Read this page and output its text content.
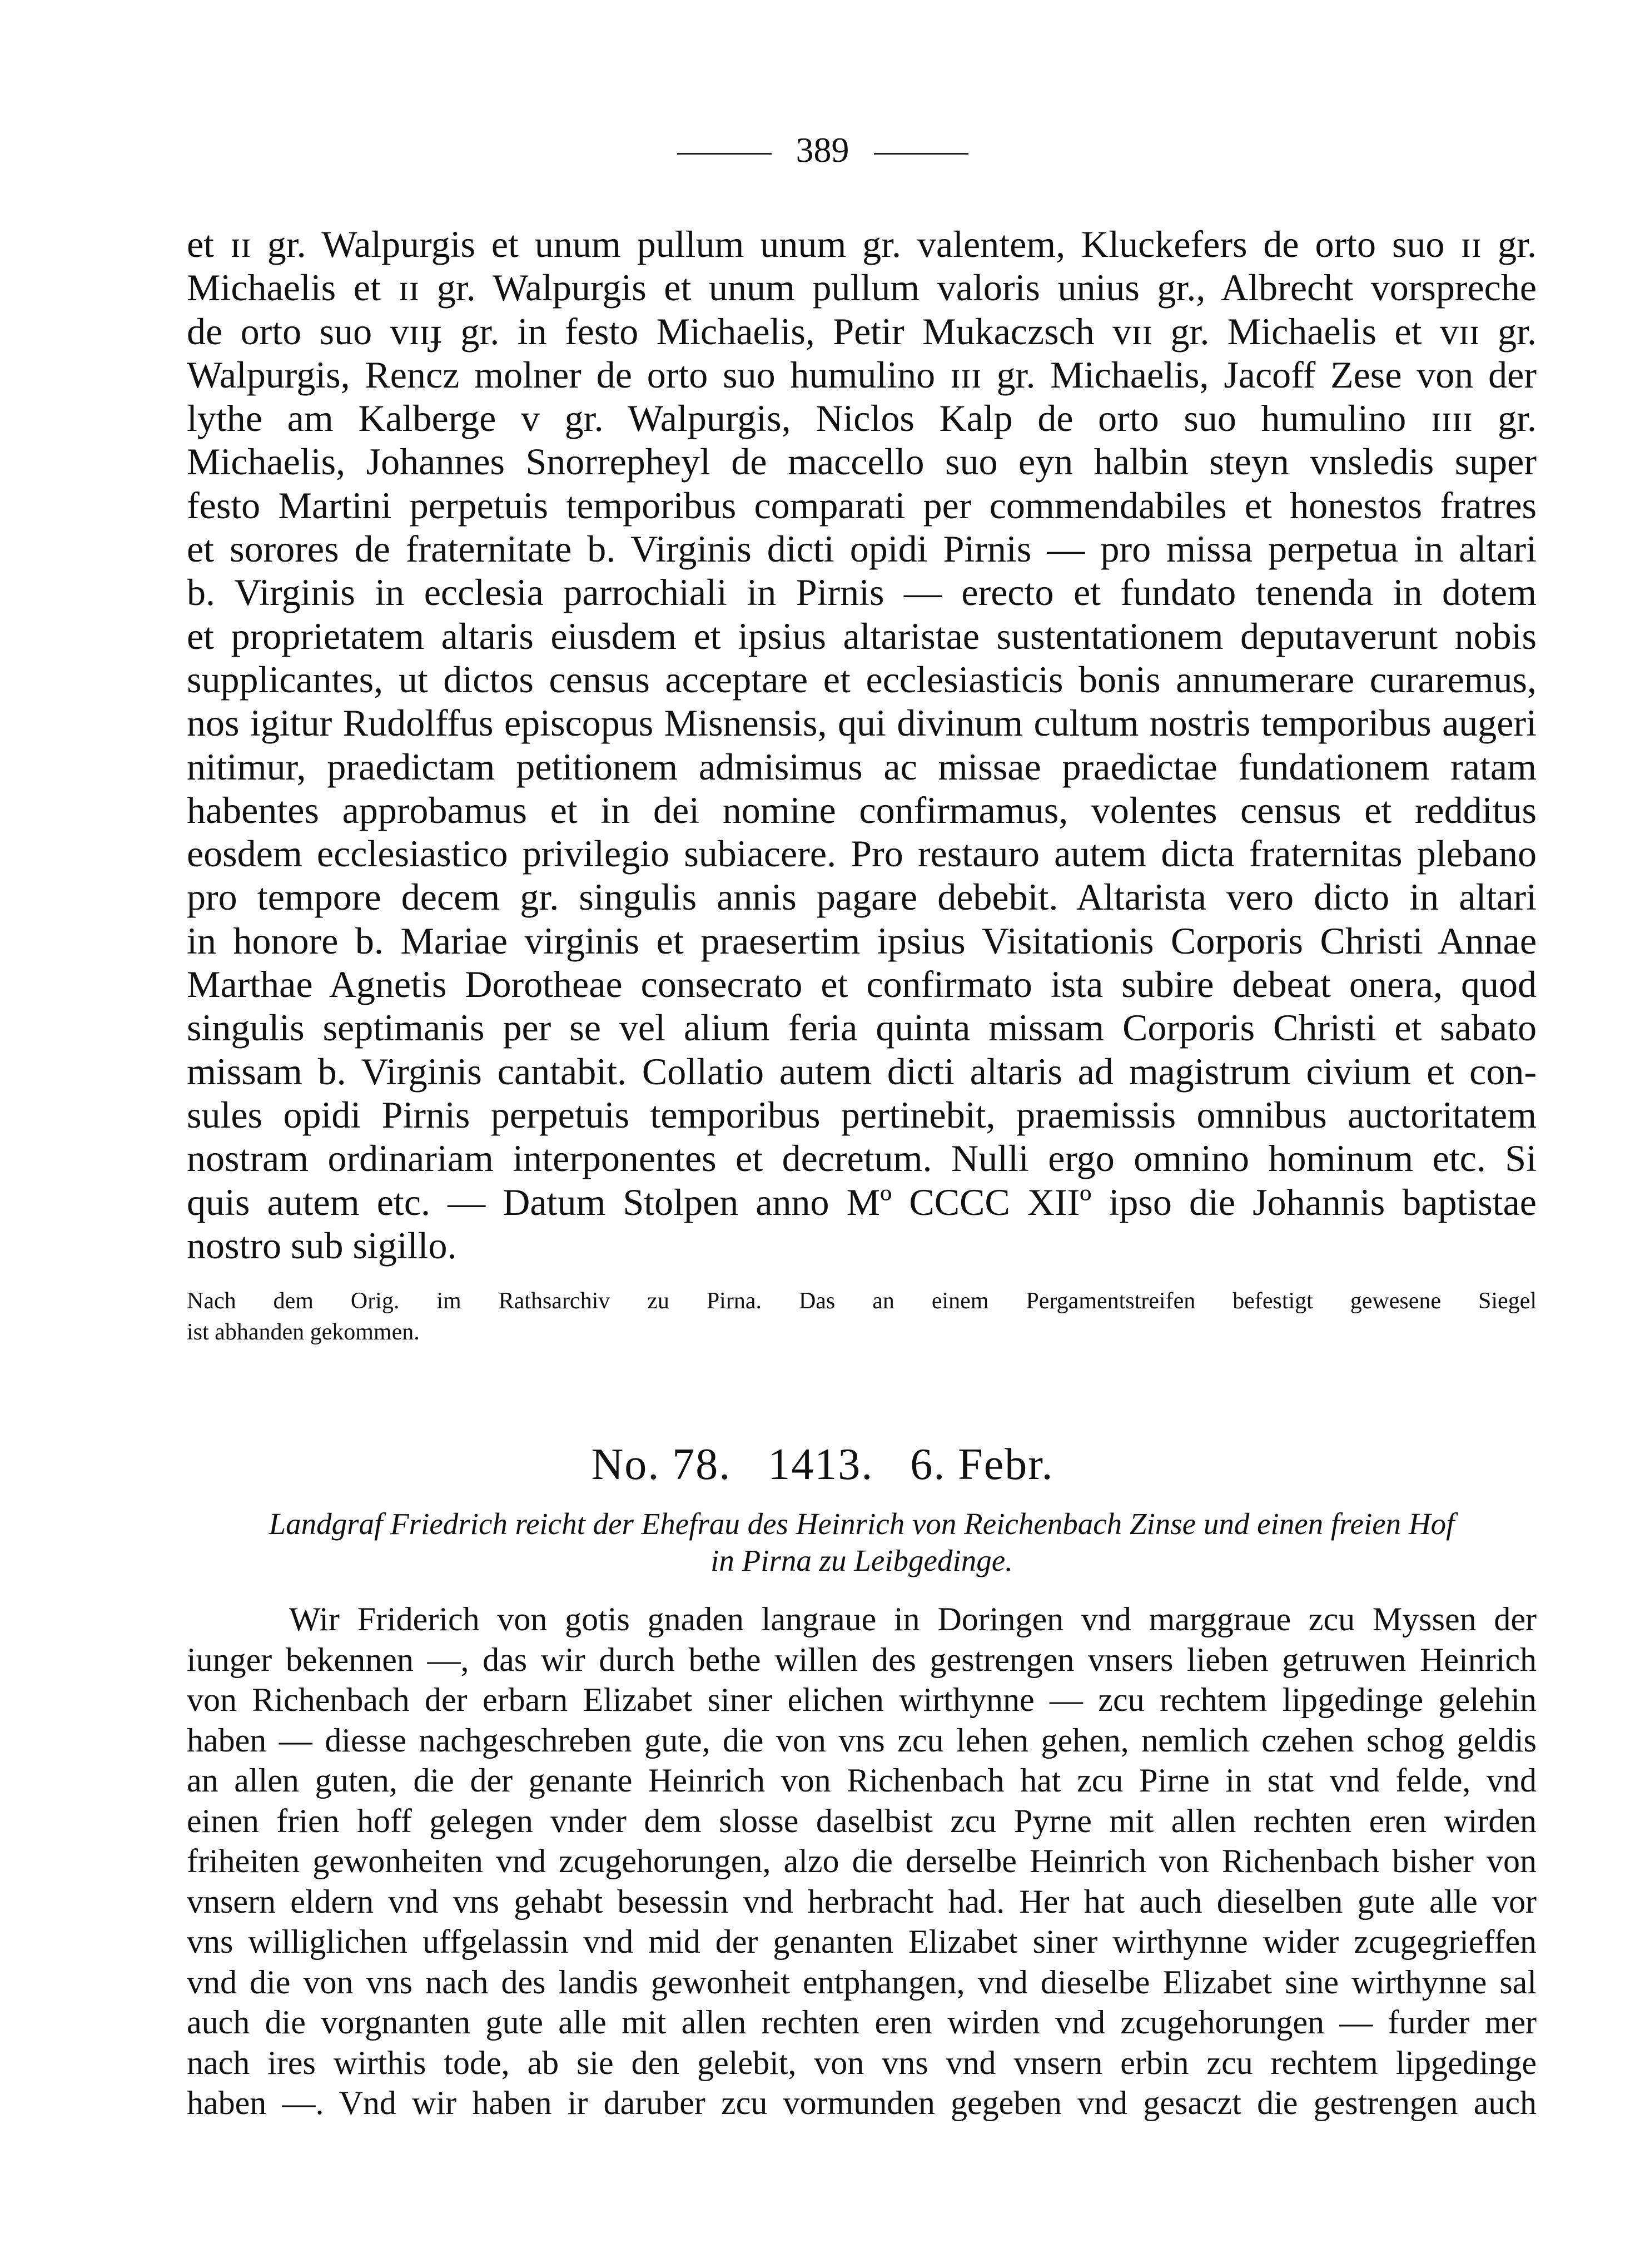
389
et ɪɪ gr. Walpurgis et unum pullum unum gr. valentem, Kluckefers de orto suo ɪɪ gr.
Michaelis et ɪɪ gr. Walpurgis et unum pullum valoris unius gr., Albrecht vorspreche
de orto suo ᴠɪɪɟ gr. in festo Michaelis, Petir Mukaczsch ᴠɪɪ gr. Michaelis et ᴠɪɪ gr.
Walpurgis, Rencz molner de orto suo humulino ɪɪɪ gr. Michaelis, Jacoff Zese von der
lythe am Kalberge ᴠ gr. Walpurgis, Niclos Kalp de orto suo humulino ɪɪɪɪ gr.
Michaelis, Johannes Snorrepheyl de maccello suo eyn halbin steyn vnsledis super
festo Martini perpetuis temporibus comparati per commendabiles et honestos fratres
et sorores de fraternitate b. Virginis dicti opidi Pirnis — pro missa perpetua in altari
b. Virginis in ecclesia parrochiali in Pirnis — erecto et fundato tenenda in dotem
et proprietatem altaris eiusdem et ipsius altaristae sustentationem deputaverunt nobis
supplicantes, ut dictos census acceptare et ecclesiasticis bonis annumerare curaremus,
nos igitur Rudolffus episcopus Misnensis, qui divinum cultum nostris temporibus augeri
nitimur, praedictam petitionem admisimus ac missae praedictae fundationem ratam
habentes approbamus et in dei nomine confirmamus, volentes census et redditus
eosdem ecclesiastico privilegio subiacere. Pro restauro autem dicta fraternitas plebano
pro tempore decem gr. singulis annis pagare debebit. Altarista vero dicto in altari
in honore b. Mariae virginis et praesertim ipsius Visitationis Corporis Christi Annae
Marthae Agnetis Dorotheae consecrato et confirmato ista subire debeat onera, quod
singulis septimanis per se vel alium feria quinta missam Corporis Christi et sabato
missam b. Virginis cantabit. Collatio autem dicti altaris ad magistrum civium et con-
sules opidi Pirnis perpetuis temporibus pertinebit, praemissis omnibus auctoritatem
nostram ordinariam interponentes et decretum. Nulli ergo omnino hominum etc. Si
quis autem etc. — Datum Stolpen anno Mº CCCC XIIº ipso die Johannis baptistae
nostro sub sigillo.
Nach dem Orig. im Rathsarchiv zu Pirna. Das an einem Pergamentstreifen befestigt gewesene Siegel
ist abhanden gekommen.
No. 78.   1413.   6. Febr.
Landgraf Friedrich reicht der Ehefrau des Heinrich von Reichenbach Zinse und einen freien Hof
in Pirna zu Leibgedinge.
Wir Friderich von gotis gnaden langraue in Doringen vnd marggraue zcu Myssen der
iunger bekennen —, das wir durch bethe willen des gestrengen vnsers lieben getruwen Heinrich
von Richenbach der erbarn Elizabet siner elichen wirthynne — zcu rechtem lipgedinge gelehin
haben — diesse nachgeschreben gute, die von vns zcu lehen gehen, nemlich czehen schog geldis
an allen guten, die der genante Heinrich von Richenbach hat zcu Pirne in stat vnd felde, vnd
einen frien hoff gelegen vnder dem slosse daselbist zcu Pyrne mit allen rechten eren wirden
friheiten gewonheiten vnd zcugehorungen, alzo die derselbe Heinrich von Richenbach bisher von
vnsern eldern vnd vns gehabt besessin vnd herbracht had. Her hat auch dieselben gute alle vor
vns williglichen uffgelassin vnd mid der genanten Elizabet siner wirthynne wider zcugegrieffen
vnd die von vns nach des landis gewonheit entphangen, vnd dieselbe Elizabet sine wirthynne sal
auch die vorgnanten gute alle mit allen rechten eren wirden vnd zcugehorungen — furder mer
nach ires wirthis tode, ab sie den gelebit, von vns vnd vnsern erbin zcu rechtem lipgedinge
haben —. Vnd wir haben ir daruber zcu vormunden gegeben vnd gesaczt die gestrengen auch
